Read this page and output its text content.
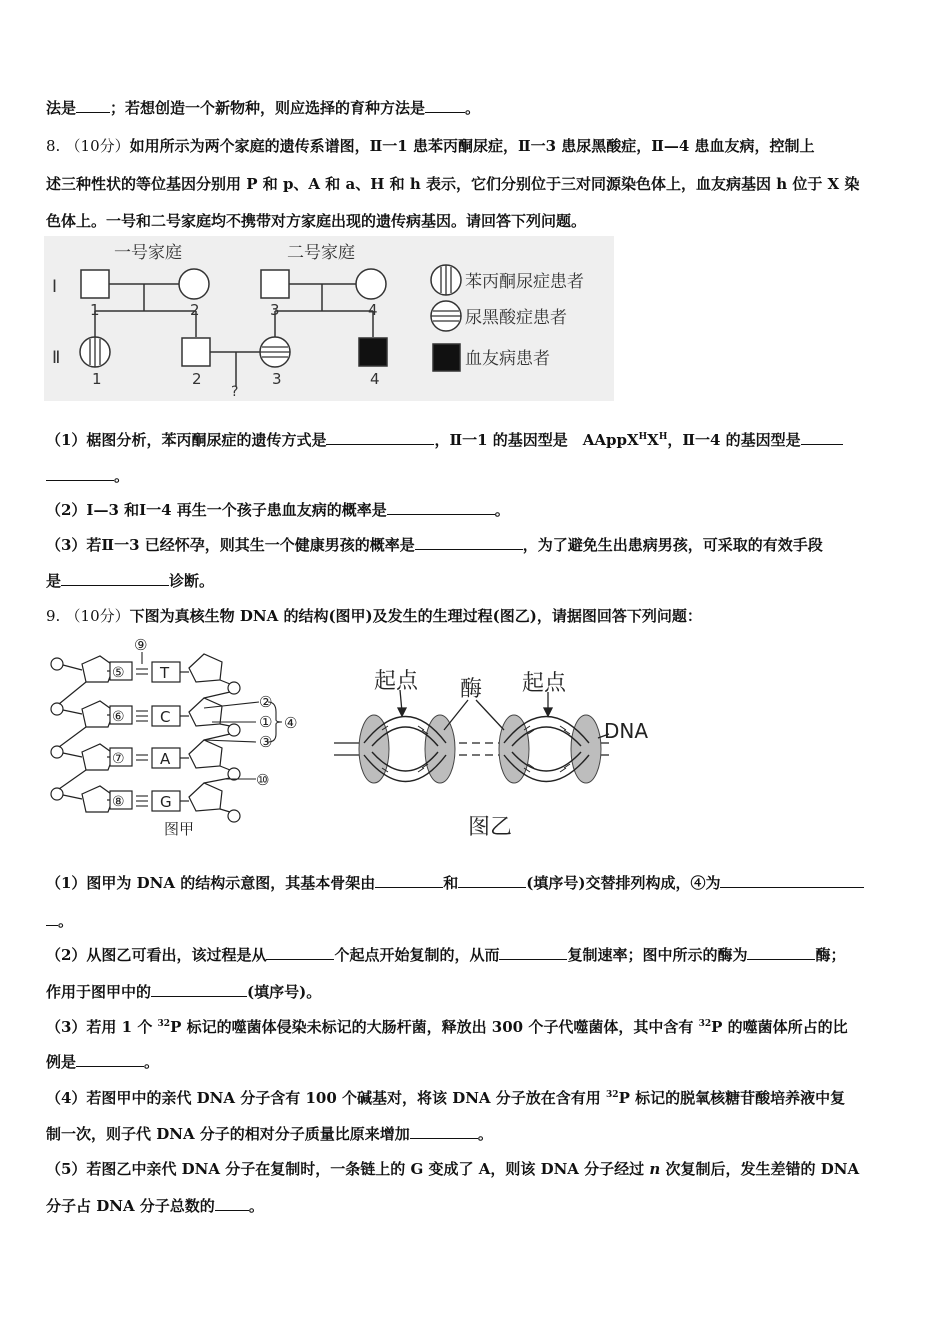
法是 ；若想创造一个新物种，则应选择的育种方法是	。
8. （10分）如用所示为两个家庭的遗传系谱图，Ⅱ一1 患苯丙酮尿症，Ⅱ一3 患尿黑酸症，Ⅱ—4 患血友病，控制上
述三种性状的等位基因分别用 P 和 p、A 和 a、H 和 h 表示，它们分别位于三对同源染色体上，血友病基因 h 位于 X 染
色体上。一号和二号家庭均不携带对方家庭出现的遗传病基因。请回答下列问题。
一号家庭	二号家庭
Ⅰ
Ⅱ
1	2	3	4
1	2	3	4
?
苯丙酮尿症患者
尿黑酸症患者
血友病患者
（1）椐图分析，苯丙酮尿症的遗传方式是	，Ⅱ一1 的基因型是　$AAppX^HX^H$，Ⅱ一4 的基因型是
。
（2）Ⅰ—3 和Ⅰ一4 再生一个孩子患血友病的概率是	。
（3）若Ⅱ一3 已经怀孕，则其生一个健康男孩的概率是	，为了避免生出患病男孩，可采取的有效手段
是	诊断。
9. （10分）下图为真核生物 DNA 的结构(图甲)及发生的生理过程(图乙)，请据图回答下列问题：
⑨
⑤
⑥
⑦
⑧
T
C
A
G
②
①
③
④
⑩
图甲
起点 酶 起点
DNA
图乙
（1）图甲为 DNA 的结构示意图，其基本骨架由	和	(填序号)交替排列构成，④为
。
（2）从图乙可看出，该过程是从	个起点开始复制的，从而	复制速率；图中所示的酶为	酶；
作用于图甲中的	(填序号)。
（3）若用 1 个 $^{32}$P 标记的噬菌体侵染未标记的大肠杆菌，释放出 300 个子代噬菌体，其中含有 $^{32}$P 的噬菌体所占的比
例是	。
（4）若图甲中的亲代 DNA 分子含有 100 个碱基对，将该 DNA 分子放在含有用 $^{32}$P 标记的脱氧核糖苷酸培养液中复
制一次，则子代 DNA 分子的相对分子质量比原来增加	。
（5）若图乙中亲代 DNA 分子在复制时，一条链上的 G 变成了 A，则该 DNA 分子经过 n 次复制后，发生差错的 DNA
分子占 DNA 分子总数的 。
